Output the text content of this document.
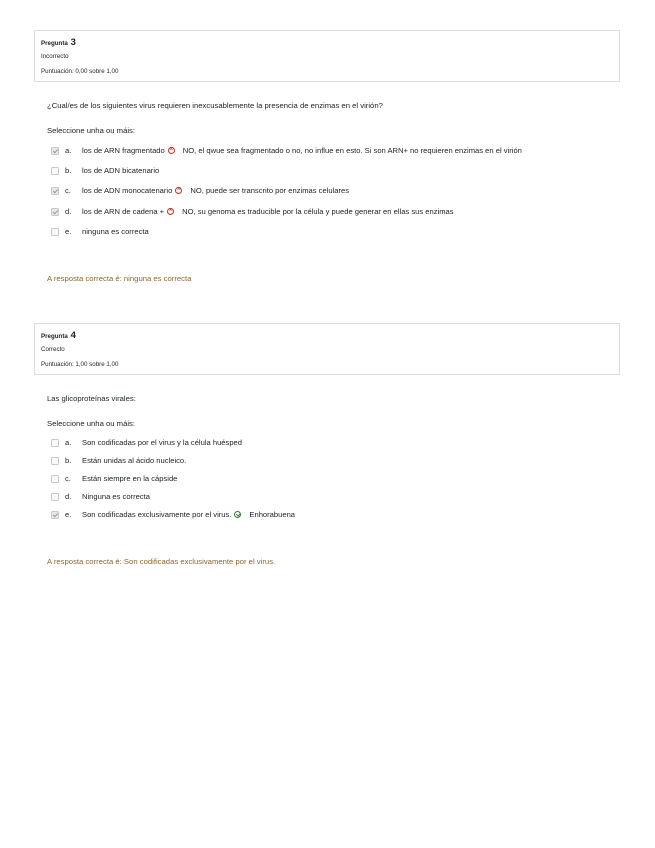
Pregunta 3
Incorrecto
Puntuación: 0,00 sobre 1,00
¿Cual/es de los siguientes virus requieren inexcusablemente la presencia de enzimas en el virión?
Seleccione unha ou máis:
a. los de ARN fragmentado × NO, el qwue sea fragmentado o no, no influe en esto. Si son ARN+ no requieren enzimas en el virión
b. los de ADN bicatenario
c. los de ADN monocatenario × NO, puede ser transcrito por enzimas celulares
d. los de ARN de cadena + × NO, su genoma es traducible por la célula y puede generar en ellas sus enzimas
e. ninguna es correcta
A resposta correcta é: ninguna es correcta
Pregunta 4
Correcto
Puntuación: 1,00 sobre 1,00
Las glicoproteínas virales:
Seleccione unha ou máis:
a. Son codificadas por el virus y la célula huésped
b. Están unidas al ácido nucleico.
c. Están siempre en la cápside
d. Ninguna es correcta
e. Son codificadas exclusivamente por el virus. Enhorabuena
A resposta correcta é: Son codificadas exclusivamente por el virus.
